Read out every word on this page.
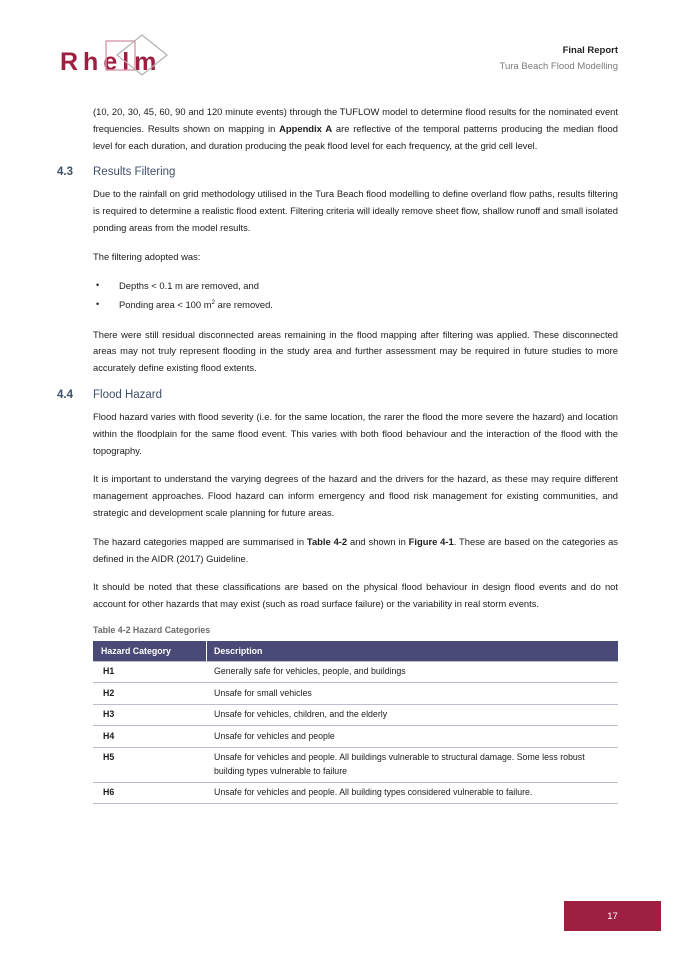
Rhelm	Final Report
Tura Beach Flood Modelling

(10, 20, 30, 45, 60, 90 and 120 minute events) through the TUFLOW model to determine flood results for the nominated event frequencies. Results shown on mapping in Appendix A are reflective of the temporal patterns producing the median flood level for each duration, and duration producing the peak flood level for each frequency, at the grid cell level.

4.3	Results Filtering

Due to the rainfall on grid methodology utilised in the Tura Beach flood modelling to define overland flow paths, results filtering is required to determine a realistic flood extent. Filtering criteria will ideally remove sheet flow, shallow runoff and small isolated ponding areas from the model results.

The filtering adopted was:

• Depths < 0.1 m are removed, and
• Ponding area < 100 $m^2$ are removed.

There were still residual disconnected areas remaining in the flood mapping after filtering was applied. These disconnected areas may not truly represent flooding in the study area and further assessment may be required in future studies to more accurately define existing flood extents.

4.4	Flood Hazard

Flood hazard varies with flood severity (i.e. for the same location, the rarer the flood the more severe the hazard) and location within the floodplain for the same flood event. This varies with both flood behaviour and the interaction of the flood with the topography.

It is important to understand the varying degrees of the hazard and the drivers for the hazard, as these may require different management approaches. Flood hazard can inform emergency and flood risk management for existing communities, and strategic and development scale planning for future areas.

The hazard categories mapped are summarised in Table 4-2 and shown in Figure 4-1. These are based on the categories as defined in the AIDR (2017) Guideline.

It should be noted that these classifications are based on the physical flood behaviour in design flood events and do not account for other hazards that may exist (such as road surface failure) or the variability in real storm events.

Table 4-2 Hazard Categories
Hazard Category	Description
H1	Generally safe for vehicles, people, and buildings
H2	Unsafe for small vehicles
H3	Unsafe for vehicles, children, and the elderly
H4	Unsafe for vehicles and people
H5	Unsafe for vehicles and people. All buildings vulnerable to structural damage. Some less robust building types vulnerable to failure
H6	Unsafe for vehicles and people. All building types considered vulnerable to failure.
17
